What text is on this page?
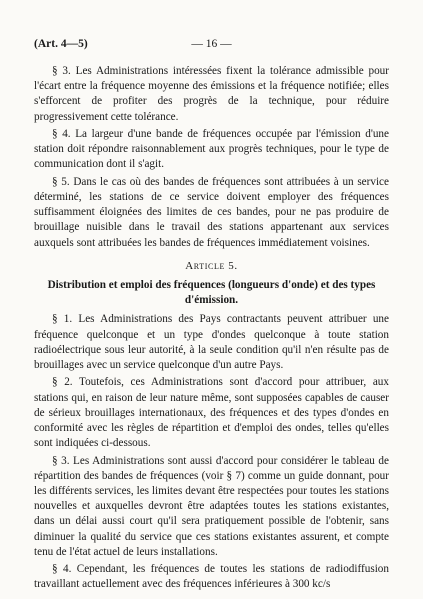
(Art. 4—5)	— 16 —

§ 3. Les Administrations intéressées fixent la tolérance admissible pour l'écart entre la fréquence moyenne des émissions et la fréquence notifiée; elles s'efforcent de profiter des progrès de la technique, pour réduire progressivement cette tolérance.

§ 4. La largeur d'une bande de fréquences occupée par l'émission d'une station doit répondre raisonnablement aux progrès techniques, pour le type de communication dont il s'agit.

§ 5. Dans le cas où des bandes de fréquences sont attribuées à un service déterminé, les stations de ce service doivent employer des fréquences suffisamment éloignées des limites de ces bandes, pour ne pas produire de brouillage nuisible dans le travail des stations appartenant aux services auxquels sont attribuées les bandes de fréquences immédiatement voisines.

Article 5.
Distribution et emploi des fréquences (longueurs d'onde) et des types d'émission.

§ 1. Les Administrations des Pays contractants peuvent attribuer une fréquence quelconque et un type d'ondes quelconque à toute station radioélectrique sous leur autorité, à la seule condition qu'il n'en résulte pas de brouillages avec un service quelconque d'un autre Pays.

§ 2. Toutefois, ces Administrations sont d'accord pour attribuer, aux stations qui, en raison de leur nature même, sont supposées capables de causer de sérieux brouillages internationaux, des fréquences et des types d'ondes en conformité avec les règles de répartition et d'emploi des ondes, telles qu'elles sont indiquées ci-dessous.

§ 3. Les Administrations sont aussi d'accord pour considérer le tableau de répartition des bandes de fréquences (voir § 7) comme un guide donnant, pour les différents services, les limites devant être respectées pour toutes les stations nouvelles et auxquelles devront être adaptées toutes les stations existantes, dans un délai aussi court qu'il sera pratiquement possible de l'obtenir, sans diminuer la qualité du service que ces stations existantes assurent, et compte tenu de l'état actuel de leurs installations.

§ 4. Cependant, les fréquences de toutes les stations de radiodiffusion travaillant actuellement avec des fréquences inférieures à 300 kc/s
